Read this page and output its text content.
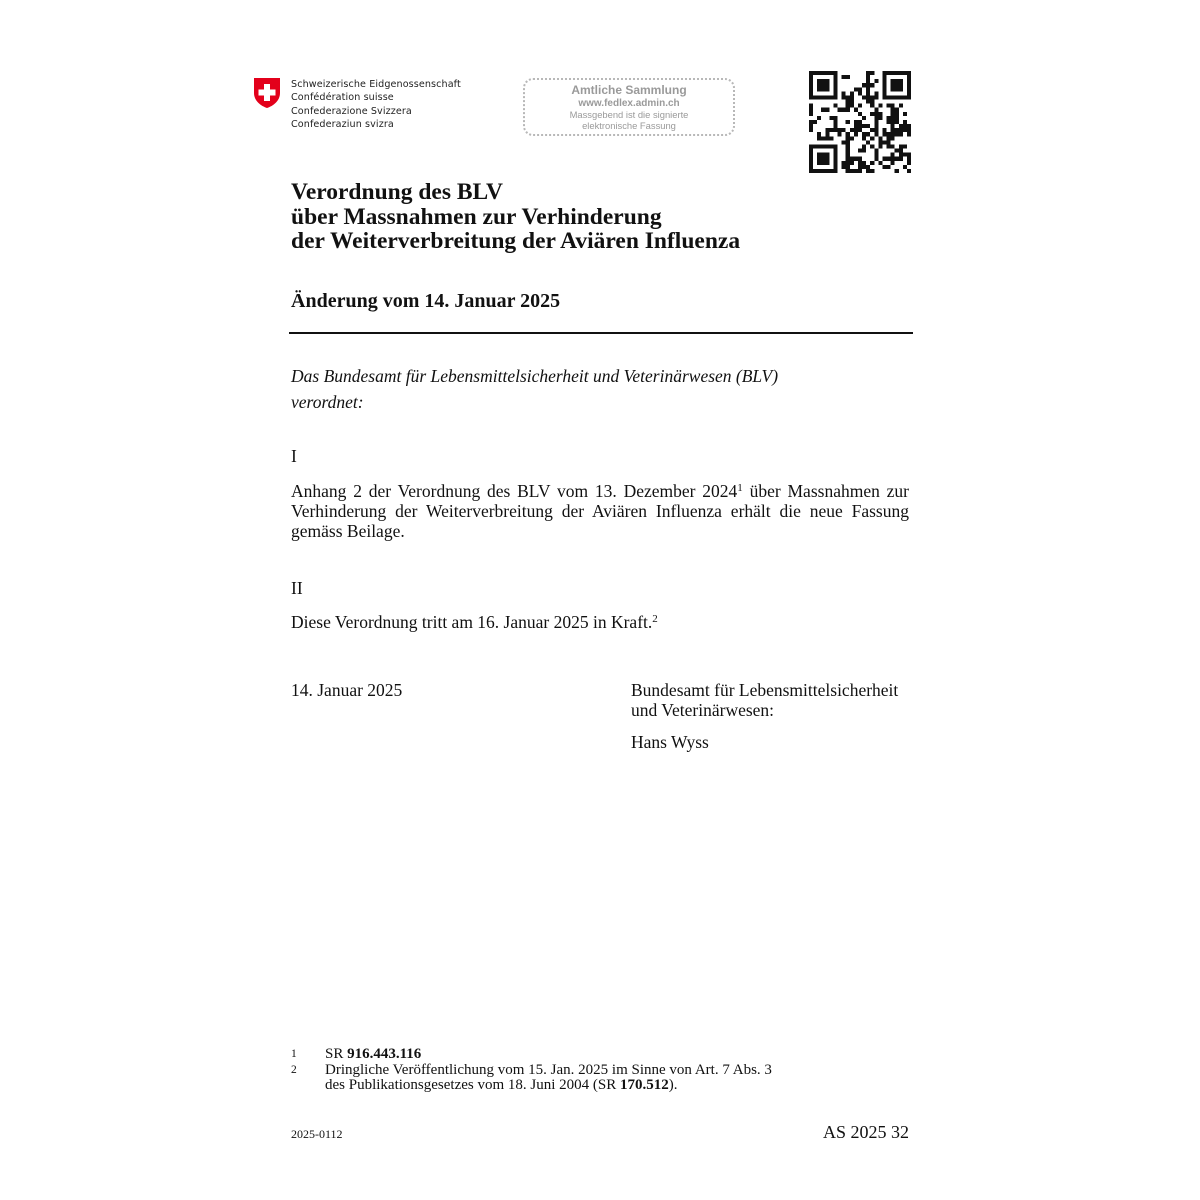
Schweizerische Eidgenossenschaft
Confédération suisse
Confederazione Svizzera
Confederaziun svizra
Amtliche Sammlung
www.fedlex.admin.ch
Massgebend ist die signierte
elektronische Fassung
Verordnung des BLV
über Massnahmen zur Verhinderung
der Weiterverbreitung der Aviären Influenza
Änderung vom 14. Januar 2025
Das Bundesamt für Lebensmittelsicherheit und Veterinärwesen (BLV)
verordnet:
I
Anhang 2 der Verordnung des BLV vom 13. Dezember 2024$^1$ über Massnahmen zur
Verhinderung der Weiterverbreitung der Aviären Influenza erhält die neue Fassung
gemäss Beilage.
II
Diese Verordnung tritt am 16. Januar 2025 in Kraft.$^2$
14. Januar 2025	Bundesamt für Lebensmittelsicherheit
und Veterinärwesen:
Hans Wyss
1	SR 916.443.116
2	Dringliche Veröffentlichung vom 15. Jan. 2025 im Sinne von Art. 7 Abs. 3
des Publikationsgesetzes vom 18. Juni 2004 (SR 170.512).
2025-0112	AS 2025 32
